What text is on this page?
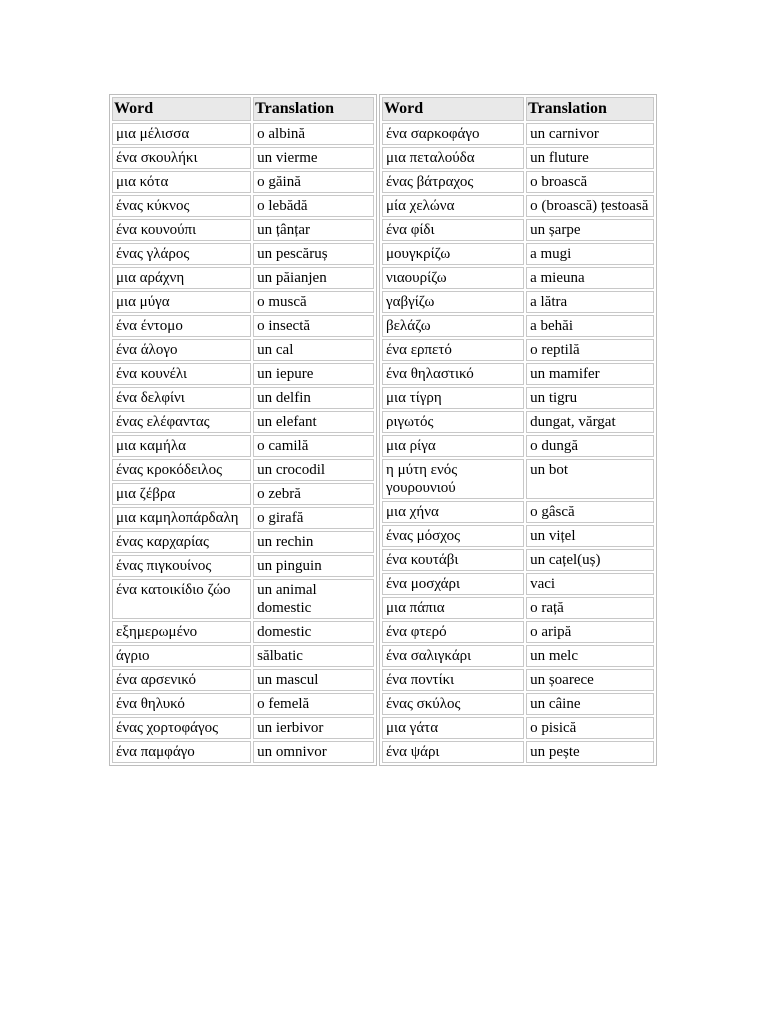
Word	Translation
μια μέλισσα	o albină
ένα σκουλήκι	un vierme
μια κότα	o găină
ένας κύκνος	o lebădă
ένα κουνούπι	un țânțar
ένας γλάρος	un pescăruș
μια αράχνη	un păianjen
μια μύγα	o muscă
ένα έντομο	o insectă
ένα άλογο	un cal
ένα κουνέλι	un iepure
ένα δελφίνι	un delfin
ένας ελέφαντας	un elefant
μια καμήλα	o camilă
ένας κροκόδειλος	un crocodil
μια ζέβρα	o zebră
μια καμηλοπάρδαλη	o girafă
ένας καρχαρίας	un rechin
ένας πιγκουίνος	un pinguin
ένα κατοικίδιο ζώο	un animal domestic
εξημερωμένο	domestic
άγριο	sălbatic
ένα αρσενικό	un mascul
ένα θηλυκό	o femelă
ένας χορτοφάγος	un ierbivor
ένα παμφάγο	un omnivor
Word	Translation
ένα σαρκοφάγο	un carnivor
μια πεταλούδα	un fluture
ένας βάτραχος	o broască
μία χελώνα	o (broască) țestoasă
ένα φίδι	un șarpe
μουγκρίζω	a mugi
νιαουρίζω	a mieuna
γαβγίζω	a lătra
βελάζω	a behăi
ένα ερπετό	o reptilă
ένα θηλαστικό	un mamifer
μια τίγρη	un tigru
ριγωτός	dungat, vărgat
μια ρίγα	o dungă
η μύτη ενός γουρουνιού	un bot
μια χήνα	o gâscă
ένας μόσχος	un vițel
ένα κουτάβι	un cațel(uș)
ένα μοσχάρι	vaci
μια πάπια	o rață
ένα φτερό	o aripă
ένα σαλιγκάρι	un melc
ένα ποντίκι	un șoarece
ένας σκύλος	un câine
μια γάτα	o pisică
ένα ψάρι	un pește
